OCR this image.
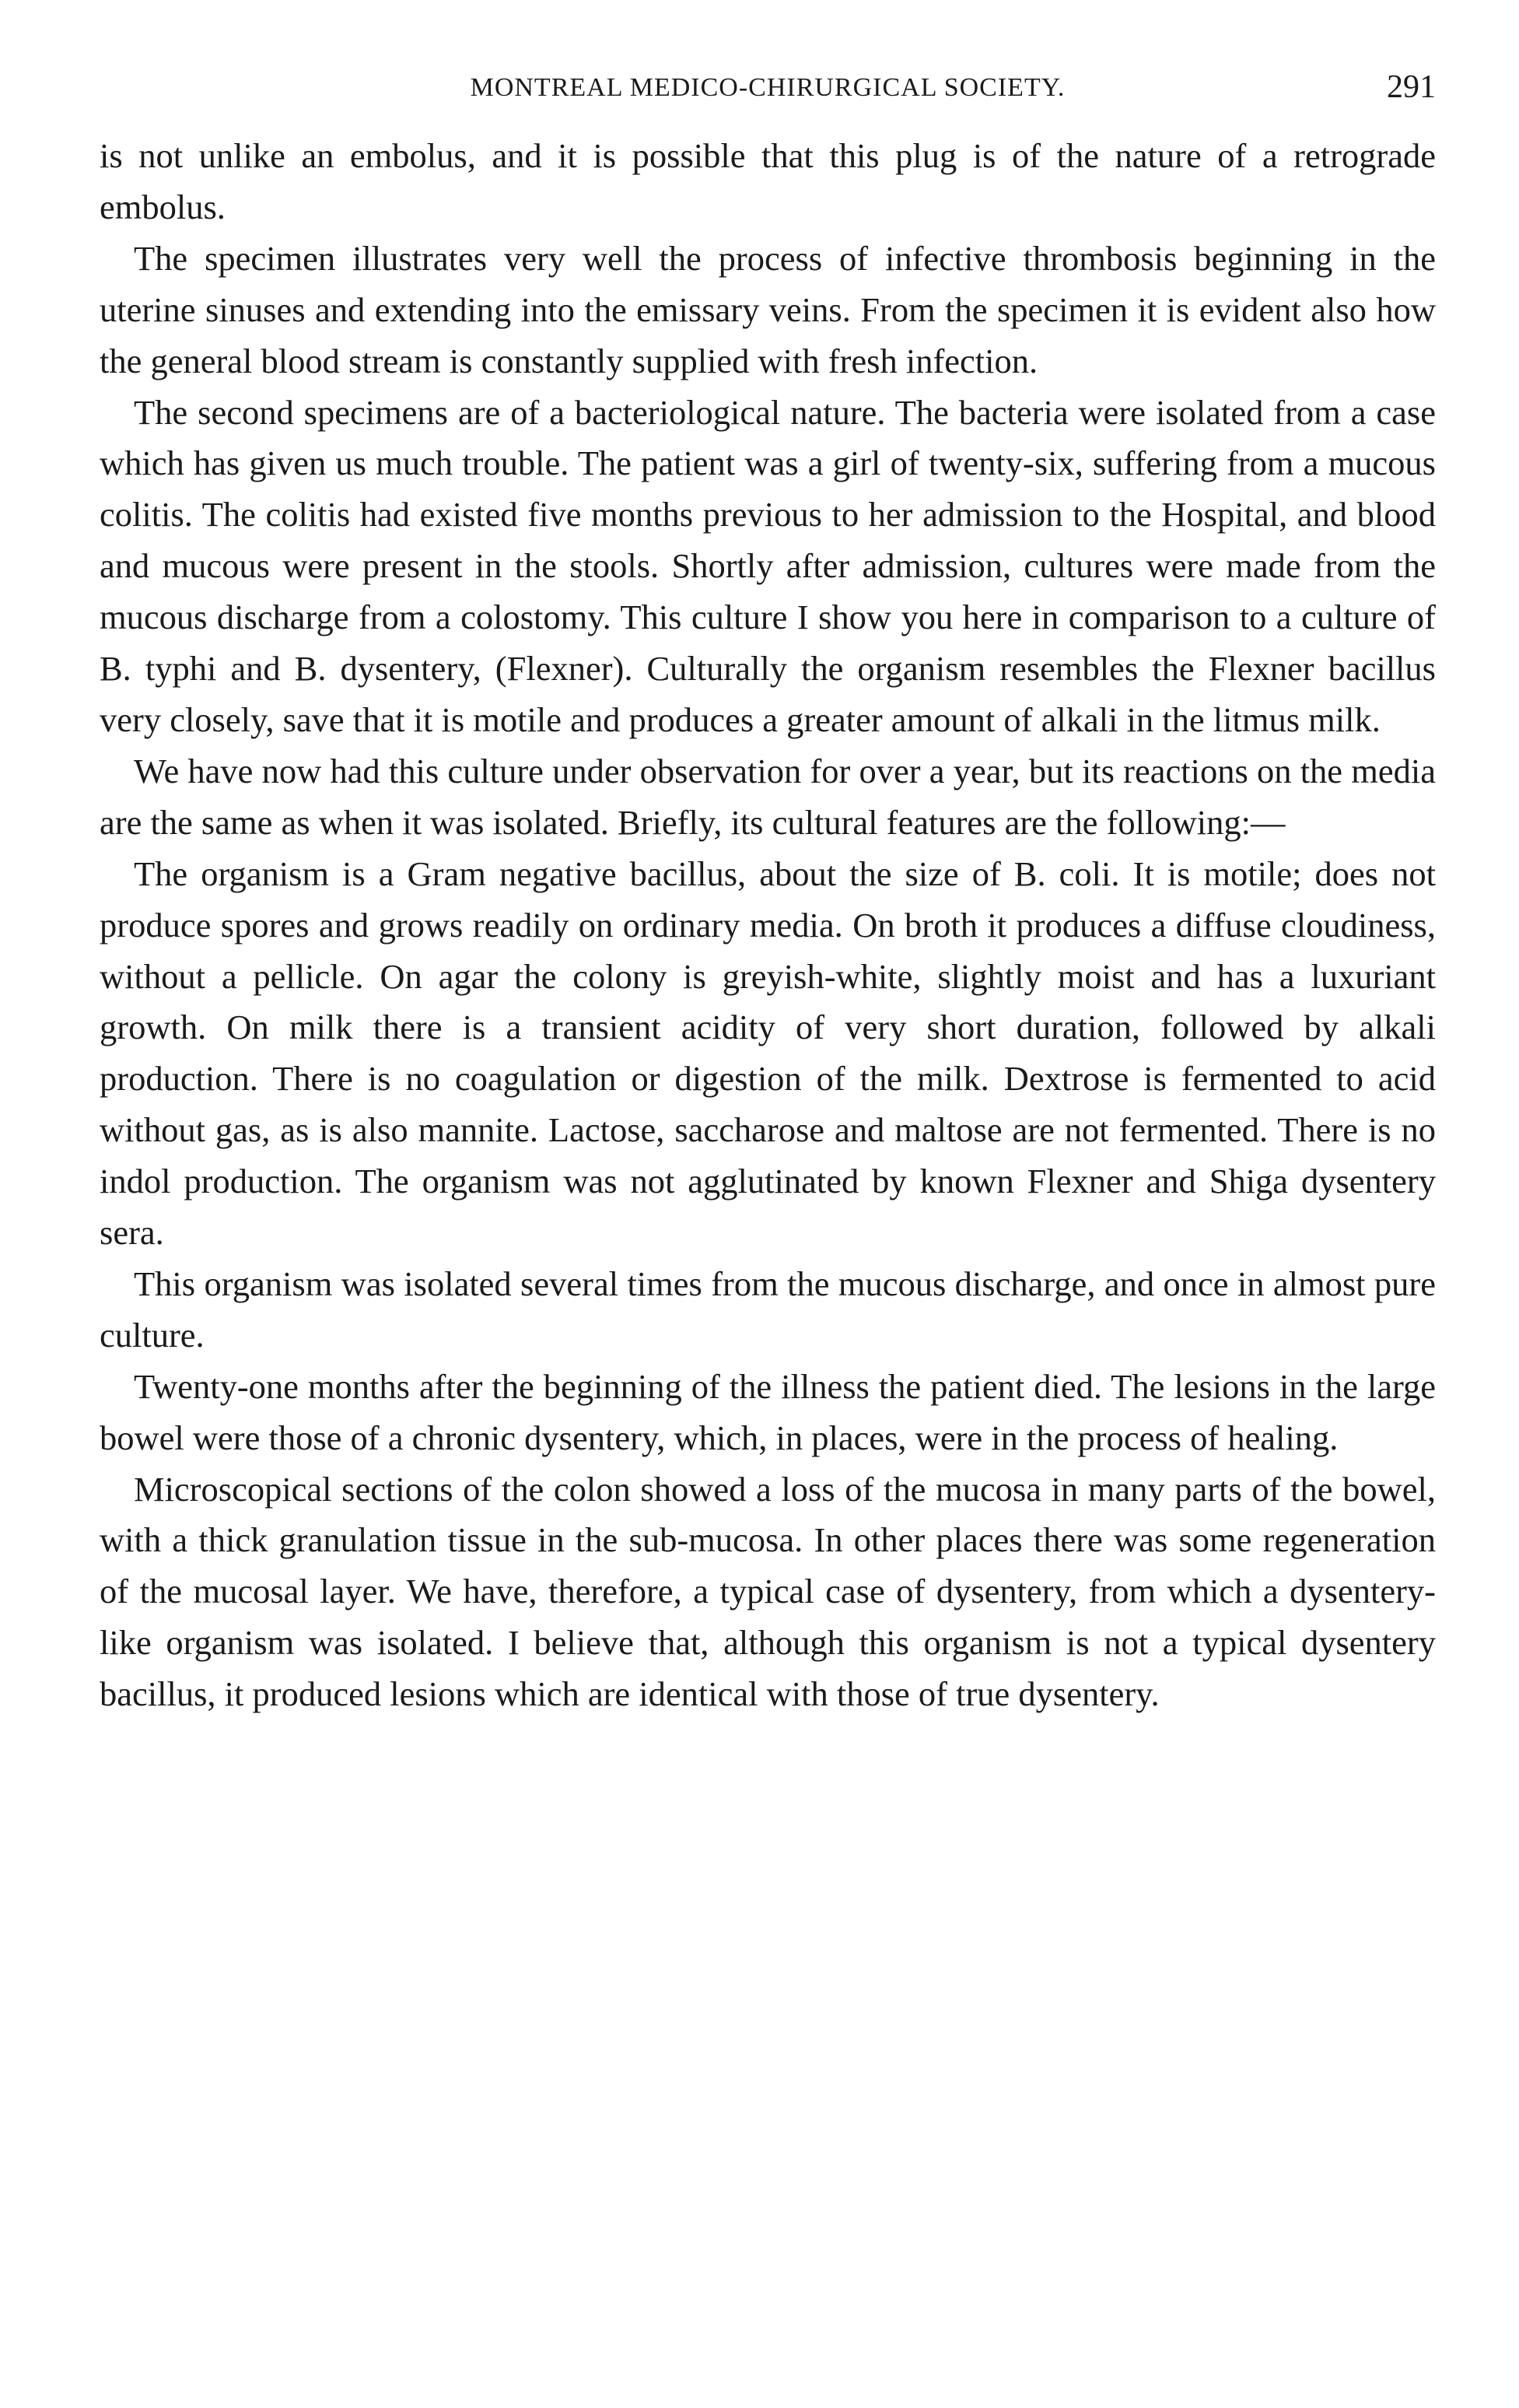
MONTREAL MEDICO-CHIRURGICAL SOCIETY.	291

is not unlike an embolus, and it is possible that this plug is of the nature of a retrograde embolus.

The specimen illustrates very well the process of infective thrombosis beginning in the uterine sinuses and extending into the emissary veins. From the specimen it is evident also how the general blood stream is constantly supplied with fresh infection.

The second specimens are of a bacteriological nature. The bacteria were isolated from a case which has given us much trouble. The patient was a girl of twenty-six, suffering from a mucous colitis. The colitis had existed five months previous to her admission to the Hospital, and blood and mucous were present in the stools. Shortly after admission, cultures were made from the mucous discharge from a colostomy. This culture I show you here in comparison to a culture of B. typhi and B. dysentery, (Flexner). Culturally the organism resembles the Flexner bacillus very closely, save that it is motile and produces a greater amount of alkali in the litmus milk.

We have now had this culture under observation for over a year, but its reactions on the media are the same as when it was isolated. Briefly, its cultural features are the following:—

The organism is a Gram negative bacillus, about the size of B. coli. It is motile; does not produce spores and grows readily on ordinary media. On broth it produces a diffuse cloudiness, without a pellicle. On agar the colony is greyish-white, slightly moist and has a luxuriant growth. On milk there is a transient acidity of very short duration, followed by alkali production. There is no coagulation or digestion of the milk. Dextrose is fermented to acid without gas, as is also mannite. Lactose, saccharose and maltose are not fermented. There is no indol production. The organism was not agglutinated by known Flexner and Shiga dysentery sera.

This organism was isolated several times from the mucous discharge, and once in almost pure culture.

Twenty-one months after the beginning of the illness the patient died. The lesions in the large bowel were those of a chronic dysentery, which, in places, were in the process of healing.

Microscopical sections of the colon showed a loss of the mucosa in many parts of the bowel, with a thick granulation tissue in the sub-mucosa. In other places there was some regeneration of the mucosal layer. We have, therefore, a typical case of dysentery, from which a dysentery-like organism was isolated. I believe that, although this organism is not a typical dysentery bacillus, it produced lesions which are identical with those of true dysentery.
